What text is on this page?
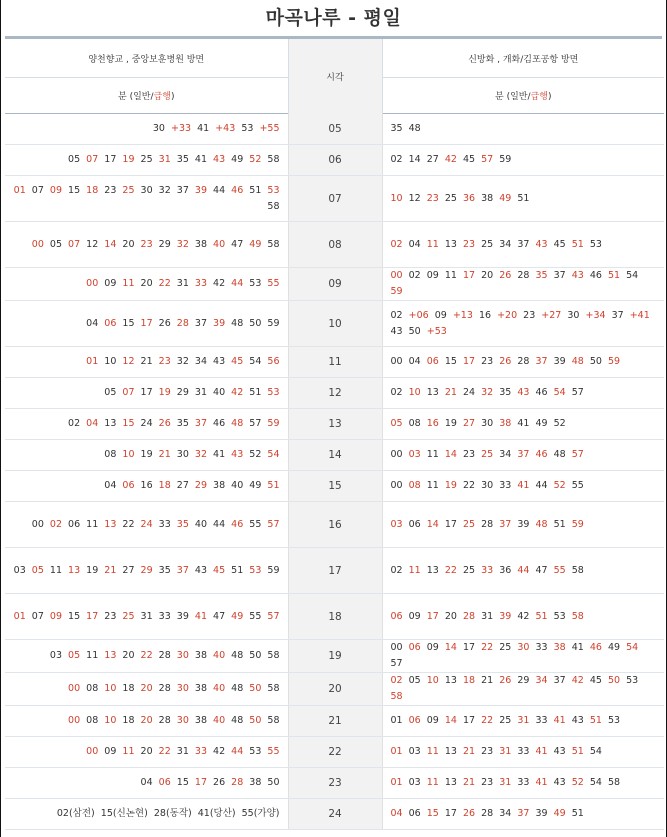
마곡나루 - 평일
양천향교 , 중앙보훈병원 방면	시각	신방화 , 개화/김포공항 방면
분 (일반/급행)		분 (일반/급행)
30 +33 41 +43 53 +55	05	35 48
05 07 17 19 25 31 35 41 43 49 52 58	06	02 14 27 42 45 57 59
01 07 09 15 18 23 25 30 32 37 39 44 46 51 53 58	07	10 12 23 25 36 38 49 51
00 05 07 12 14 20 23 29 32 38 40 47 49 58	08	02 04 11 13 23 25 34 37 43 45 51 53
00 09 11 20 22 31 33 42 44 53 55	09	00 02 09 11 17 20 26 28 35 37 43 46 51 54 59
04 06 15 17 26 28 37 39 48 50 59	10	02 +06 09 +13 16 +20 23 +27 30 +34 37 +41 43 50 +53
01 10 12 21 23 32 34 43 45 54 56	11	00 04 06 15 17 23 26 28 37 39 48 50 59
05 07 17 19 29 31 40 42 51 53	12	02 10 13 21 24 32 35 43 46 54 57
02 04 13 15 24 26 35 37 46 48 57 59	13	05 08 16 19 27 30 38 41 49 52
08 10 19 21 30 32 41 43 52 54	14	00 03 11 14 23 25 34 37 46 48 57
04 06 16 18 27 29 38 40 49 51	15	00 08 11 19 22 30 33 41 44 52 55
00 02 06 11 13 22 24 33 35 40 44 46 55 57	16	03 06 14 17 25 28 37 39 48 51 59
03 05 11 13 19 21 27 29 35 37 43 45 51 53 59	17	02 11 13 22 25 33 36 44 47 55 58
01 07 09 15 17 23 25 31 33 39 41 47 49 55 57	18	06 09 17 20 28 31 39 42 51 53 58
03 05 11 13 20 22 28 30 38 40 48 50 58	19	00 06 09 14 17 22 25 30 33 38 41 46 49 54 57
00 08 10 18 20 28 30 38 40 48 50 58	20	02 05 10 13 18 21 26 29 34 37 42 45 50 53 58
00 08 10 18 20 28 30 38 40 48 50 58	21	01 06 09 14 17 22 25 31 33 41 43 51 53
00 09 11 20 22 31 33 42 44 53 55	22	01 03 11 13 21 23 31 33 41 43 51 54
04 06 15 17 26 28 38 50	23	01 03 11 13 21 23 31 33 41 43 52 54 58
02(삼전) 15(신논현) 28(동작) 41(당산) 55(가양)	24	04 06 15 17 26 28 34 37 39 49 51
